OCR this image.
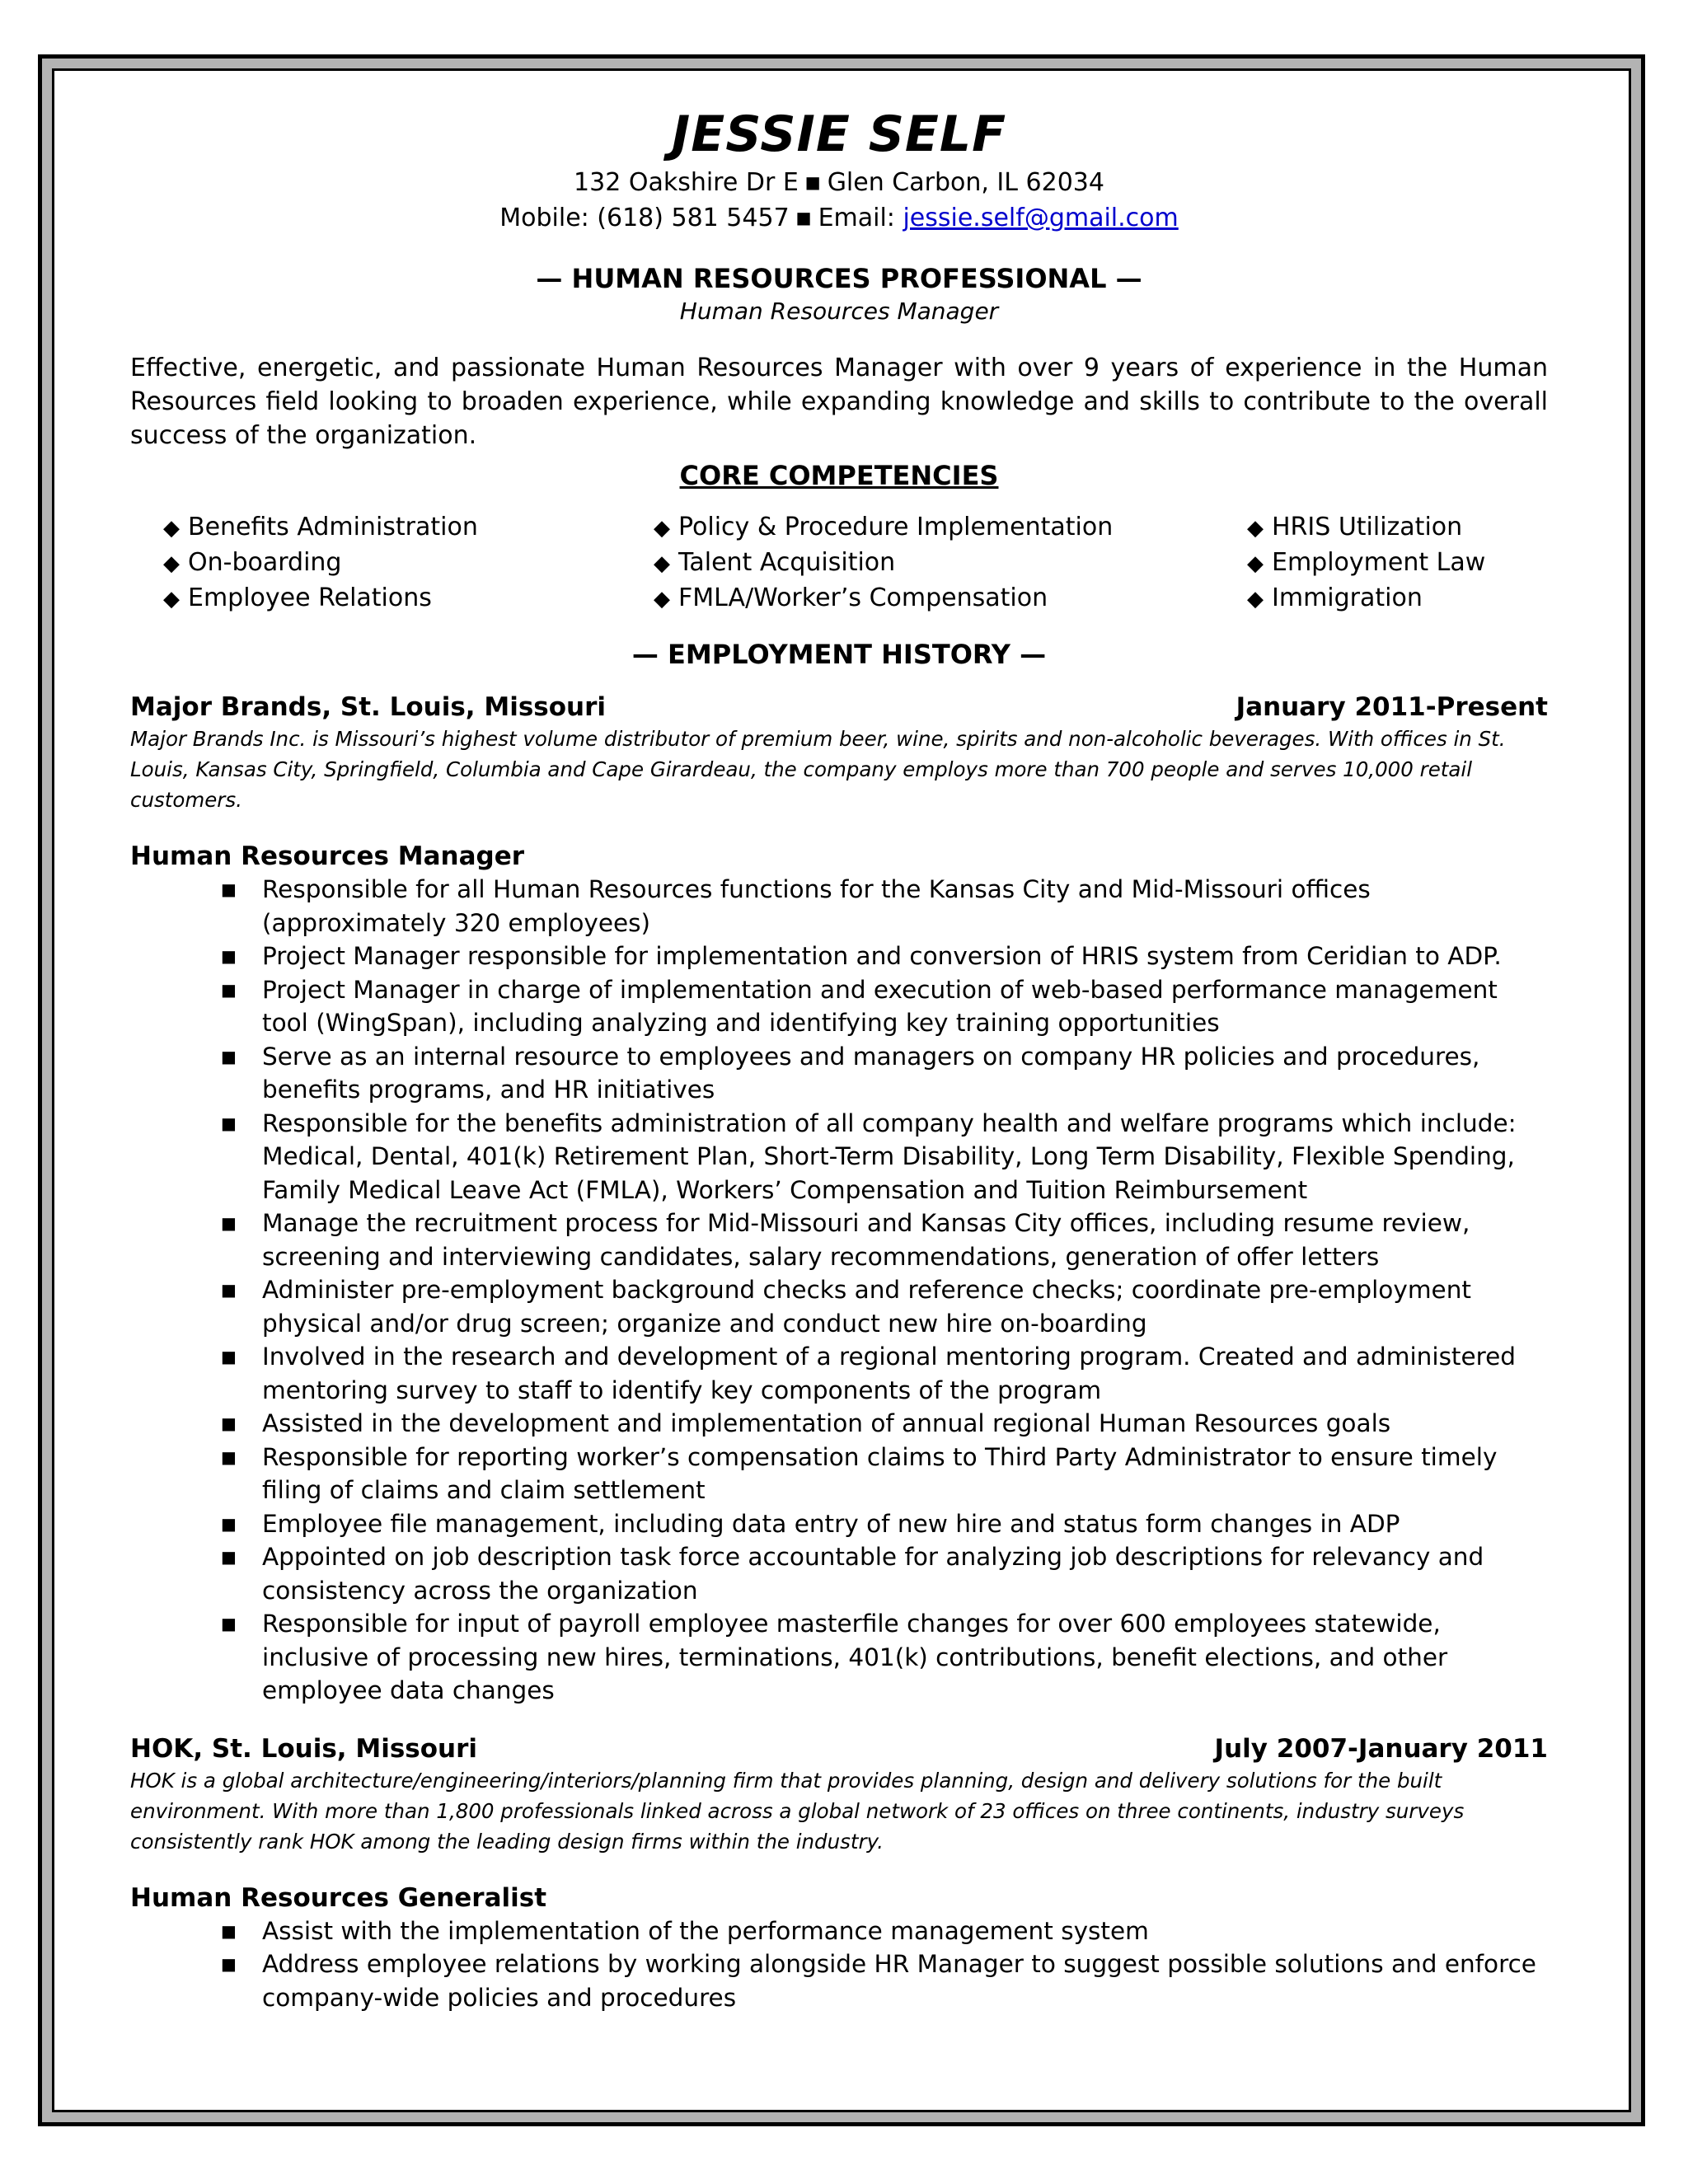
JESSIE SELF
132 Oakshire Dr E ■ Glen Carbon, IL 62034
Mobile: (618) 581 5457 ■ Email: jessie.self@gmail.com
— HUMAN RESOURCES PROFESSIONAL —
Human Resources Manager
Effective, energetic, and passionate Human Resources Manager with over 9 years of experience in the Human Resources field looking to broaden experience, while expanding knowledge and skills to contribute to the overall success of the organization.
CORE COMPETENCIES
◆ Benefits Administration
◆ On-boarding
◆ Employee Relations
◆ Policy & Procedure Implementation
◆ Talent Acquisition
◆ FMLA/Worker’s Compensation
◆ HRIS Utilization
◆ Employment Law
◆ Immigration
— EMPLOYMENT HISTORY —
Major Brands, St. Louis, Missouri	January 2011-Present
Major Brands Inc. is Missouri’s highest volume distributor of premium beer, wine, spirits and non-alcoholic beverages. With offices in St. Louis, Kansas City, Springfield, Columbia and Cape Girardeau, the company employs more than 700 people and serves 10,000 retail customers.
Human Resources Manager
■ Responsible for all Human Resources functions for the Kansas City and Mid-Missouri offices (approximately 320 employees)
■ Project Manager responsible for implementation and conversion of HRIS system from Ceridian to ADP.
■ Project Manager in charge of implementation and execution of web-based performance management tool (WingSpan), including analyzing and identifying key training opportunities
■ Serve as an internal resource to employees and managers on company HR policies and procedures, benefits programs, and HR initiatives
■ Responsible for the benefits administration of all company health and welfare programs which include: Medical, Dental, 401(k) Retirement Plan, Short-Term Disability, Long Term Disability, Flexible Spending, Family Medical Leave Act (FMLA), Workers’ Compensation and Tuition Reimbursement
■ Manage the recruitment process for Mid-Missouri and Kansas City offices, including resume review, screening and interviewing candidates, salary recommendations, generation of offer letters
■ Administer pre-employment background checks and reference checks; coordinate pre-employment physical and/or drug screen; organize and conduct new hire on-boarding
■ Involved in the research and development of a regional mentoring program. Created and administered mentoring survey to staff to identify key components of the program
■ Assisted in the development and implementation of annual regional Human Resources goals
■ Responsible for reporting worker’s compensation claims to Third Party Administrator to ensure timely filing of claims and claim settlement
■ Employee file management, including data entry of new hire and status form changes in ADP
■ Appointed on job description task force accountable for analyzing job descriptions for relevancy and consistency across the organization
■ Responsible for input of payroll employee masterfile changes for over 600 employees statewide, inclusive of processing new hires, terminations, 401(k) contributions, benefit elections, and other employee data changes
HOK, St. Louis, Missouri	July 2007-January 2011
HOK is a global architecture/engineering/interiors/planning firm that provides planning, design and delivery solutions for the built environment. With more than 1,800 professionals linked across a global network of 23 offices on three continents, industry surveys consistently rank HOK among the leading design firms within the industry.
Human Resources Generalist
■ Assist with the implementation of the performance management system
■ Address employee relations by working alongside HR Manager to suggest possible solutions and enforce company-wide policies and procedures
